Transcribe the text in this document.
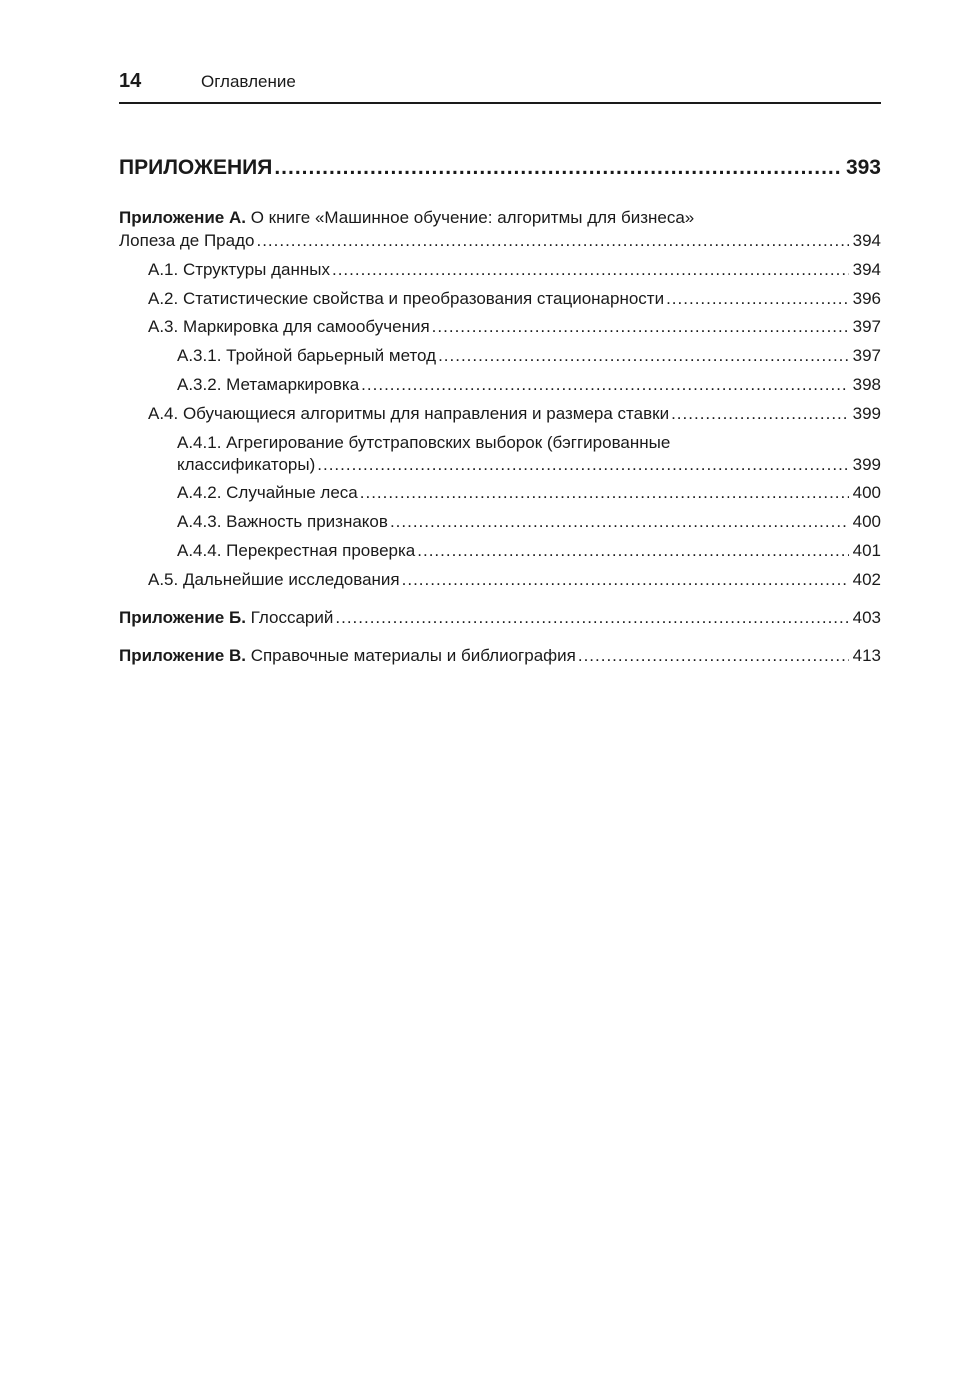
14	Оглавление
ПРИЛОЖЕНИЯ .....	393
Приложение А. О книге «Машинное обучение: алгоритмы для бизнеса»
Лопеза де Прадо .....	394
А.1. Структуры данных .....	394
А.2. Статистические свойства и преобразования стационарности .....	396
А.3. Маркировка для самообучения .....	397
А.3.1. Тройной барьерный метод .....	397
А.3.2. Метамаркировка .....	398
А.4. Обучающиеся алгоритмы для направления и размера ставки .....	399
А.4.1. Агрегирование бутстраповских выборок (бэггированные
классификаторы) .....	399
А.4.2. Случайные леса .....	400
А.4.3. Важность признаков .....	400
А.4.4. Перекрестная проверка .....	401
А.5. Дальнейшие исследования .....	402
Приложение Б. Глоссарий .....	403
Приложение В. Справочные материалы и библиография .....	413
